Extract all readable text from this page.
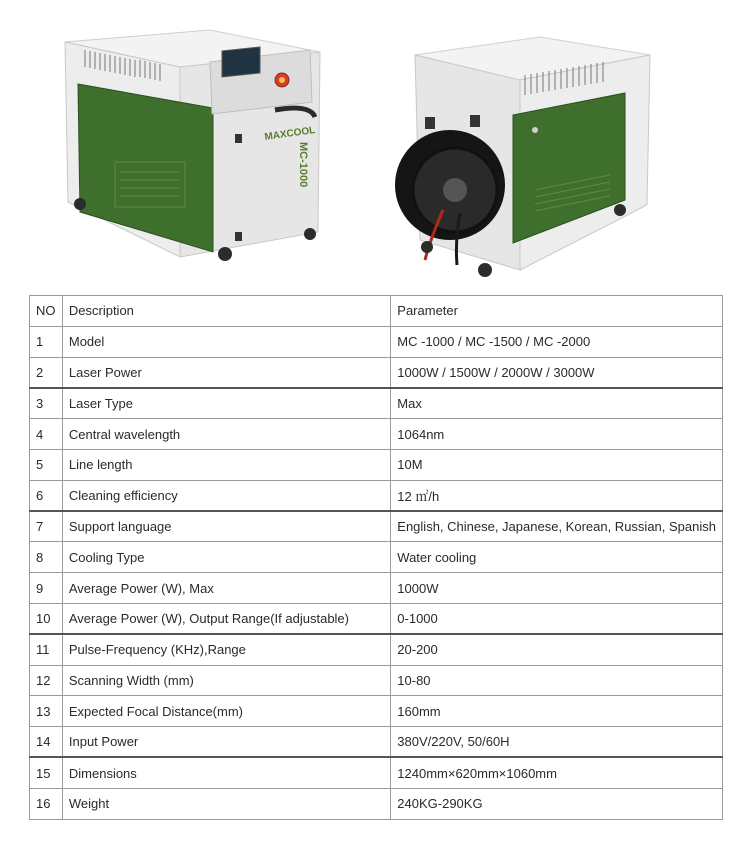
MAXCOOL
MC-1000
NO	Description	Parameter
1	Model	MC -1000 / MC -1500 / MC -2000
2	Laser Power	1000W / 1500W / 2000W / 3000W
3	Laser Type	Max
4	Central wavelength	1064nm
5	Line length	10M
6	Cleaning efficiency	12 ㎡/h
7	Support language	English, Chinese, Japanese, Korean, Russian, Spanish
8	Cooling Type	Water cooling
9	Average Power (W), Max	1000W
10	Average Power (W), Output Range(If adjustable)	0-1000
11	Pulse-Frequency (KHz),Range	20-200
12	Scanning Width (mm)	10-80
13	Expected Focal Distance(mm)	160mm
14	Input Power	380V/220V, 50/60H
15	Dimensions	1240mm×620mm×1060mm
16	Weight	240KG-290KG
